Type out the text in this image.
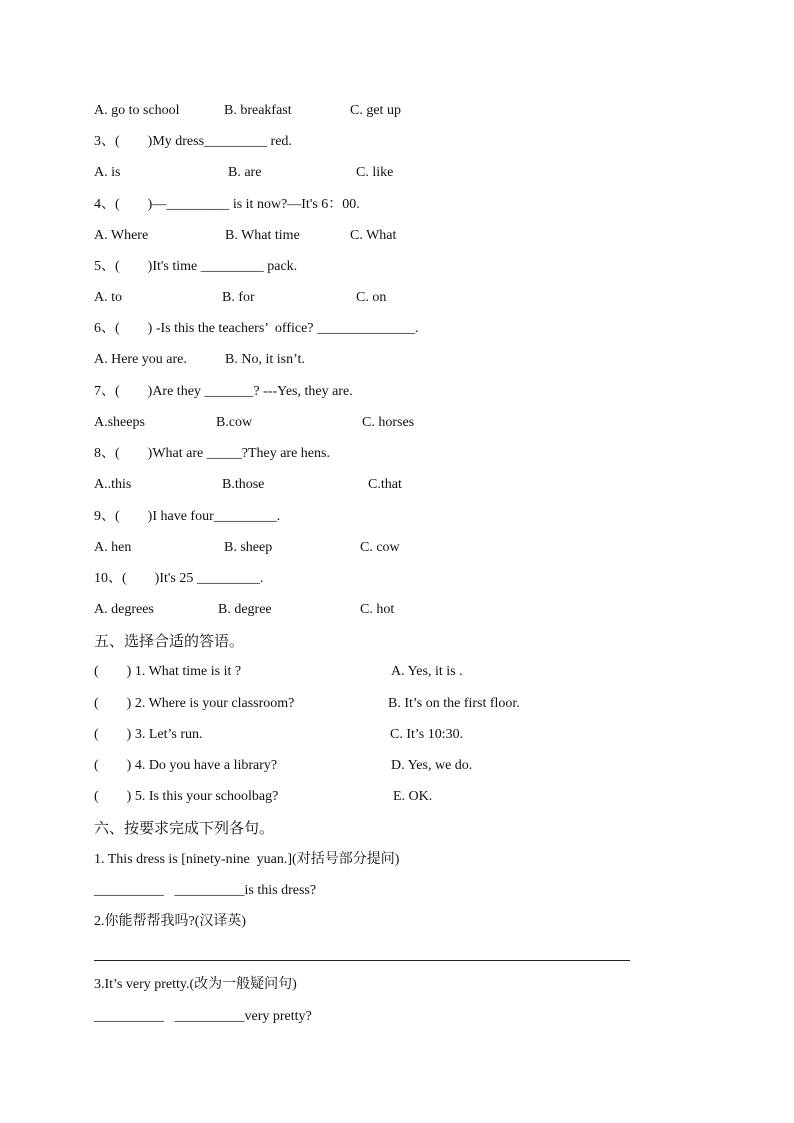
A. go to school	B. breakfast	C. get up
3、(        )My dress_________ red.
A. is	B. are	C. like
4、(        )—_________ is it now?—It's 6：00.
A. Where	B. What time	C. What
5、(        )It's time _________ pack.
A. to	B. for	C. on
6、(        ) -Is this the teachers’  office? ______________.
A. Here you are.	B. No, it isn’t.
7、(        )Are they _______? ---Yes, they are.
A.sheeps	B.cow	C. horses
8、(        )What are _____?They are hens.
A..this	B.those	C.that
9、(        )I have four_________.
A. hen	B. sheep	C. cow
10、(        )It's 25 _________.
A. degrees	B. degree	C. hot
五、选择合适的答语。
(        ) 1. What time is it ?	A. Yes, it is .
(        ) 2. Where is your classroom?	B. It’s on the first floor.
(        ) 3. Let’s run.	C. It’s 10:30.
(        ) 4. Do you have a library?	D. Yes, we do.
(        ) 5. Is this your schoolbag?	E. OK.
六、按要求完成下列各句。
1. This dress is [ninety-nine  yuan.](对括号部分提问)
__________   __________is this dress?
2.你能帮帮我吗?(汉译英)
3.It’s very pretty.(改为一般疑问句)
__________   __________very pretty?
